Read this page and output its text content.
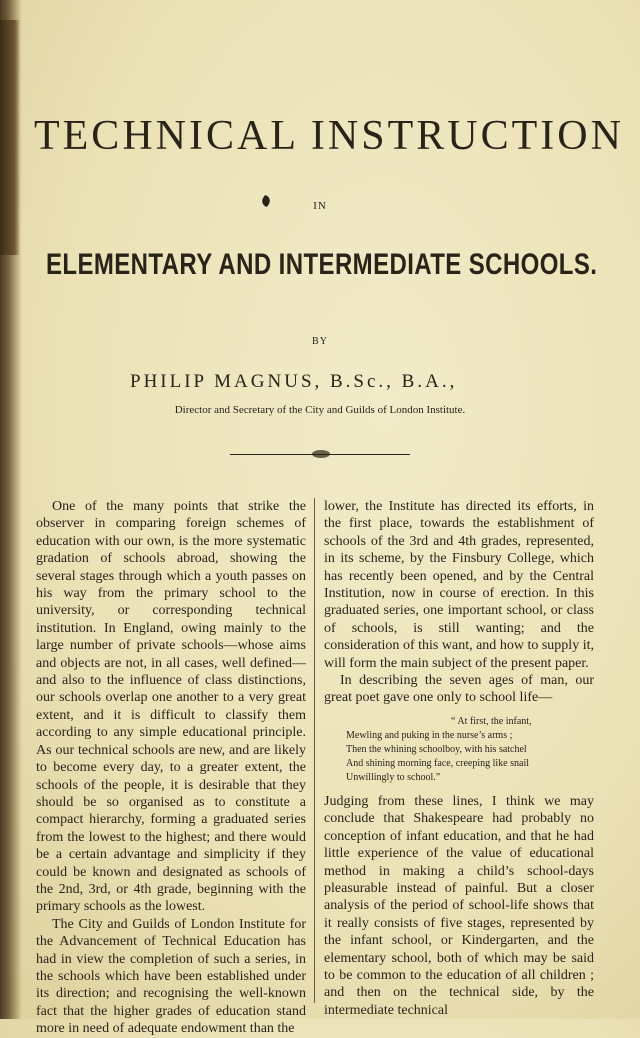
TECHNICAL INSTRUCTION
IN
ELEMENTARY AND INTERMEDIATE SCHOOLS.
BY
PHILIP MAGNUS, B.Sc., B.A.,
Director and Secretary of the City and Guilds of London Institute.

One of the many points that strike the observer in comparing foreign schemes of education with our own, is the more systematic gradation of schools abroad, showing the several stages through which a youth passes on his way from the primary school to the university, or corresponding technical institution. In England, owing mainly to the large number of private schools—whose aims and objects are not, in all cases, well defined—and also to the influence of class distinctions, our schools overlap one another to a very great extent, and it is difficult to classify them according to any simple educational principle. As our technical schools are new, and are likely to become every day, to a greater extent, the schools of the people, it is desirable that they should be so organised as to constitute a compact hierarchy, forming a graduated series from the lowest to the highest; and there would be a certain advantage and simplicity if they could be known and designated as schools of the 2nd, 3rd, or 4th grade, beginning with the primary schools as the lowest.

The City and Guilds of London Institute for the Advancement of Technical Education has had in view the completion of such a series, in the schools which have been established under its direction; and recognising the well-known fact that the higher grades of education stand more in need of adequate endowment than the

lower, the Institute has directed its efforts, in the first place, towards the establishment of schools of the 3rd and 4th grades, represented, in its scheme, by the Finsbury College, which has recently been opened, and by the Central Institution, now in course of erection. In this graduated series, one important school, or class of schools, is still wanting; and the consideration of this want, and how to supply it, will form the main subject of the present paper.

In describing the seven ages of man, our great poet gave one only to school life—

“ At first, the infant,
Mewling and puking in the nurse’s arms ;
Then the whining schoolboy, with his satchel
And shining morning face, creeping like snail
Unwillingly to school.”

Judging from these lines, I think we may conclude that Shakespeare had probably no conception of infant education, and that he had little experience of the value of educational method in making a child’s school-days pleasurable instead of painful. But a closer analysis of the period of school-life shows that it really consists of five stages, represented by the infant school, or Kindergarten, and the elementary school, both of which may be said to be common to the education of all children ; and then on the technical side, by the intermediate technical
